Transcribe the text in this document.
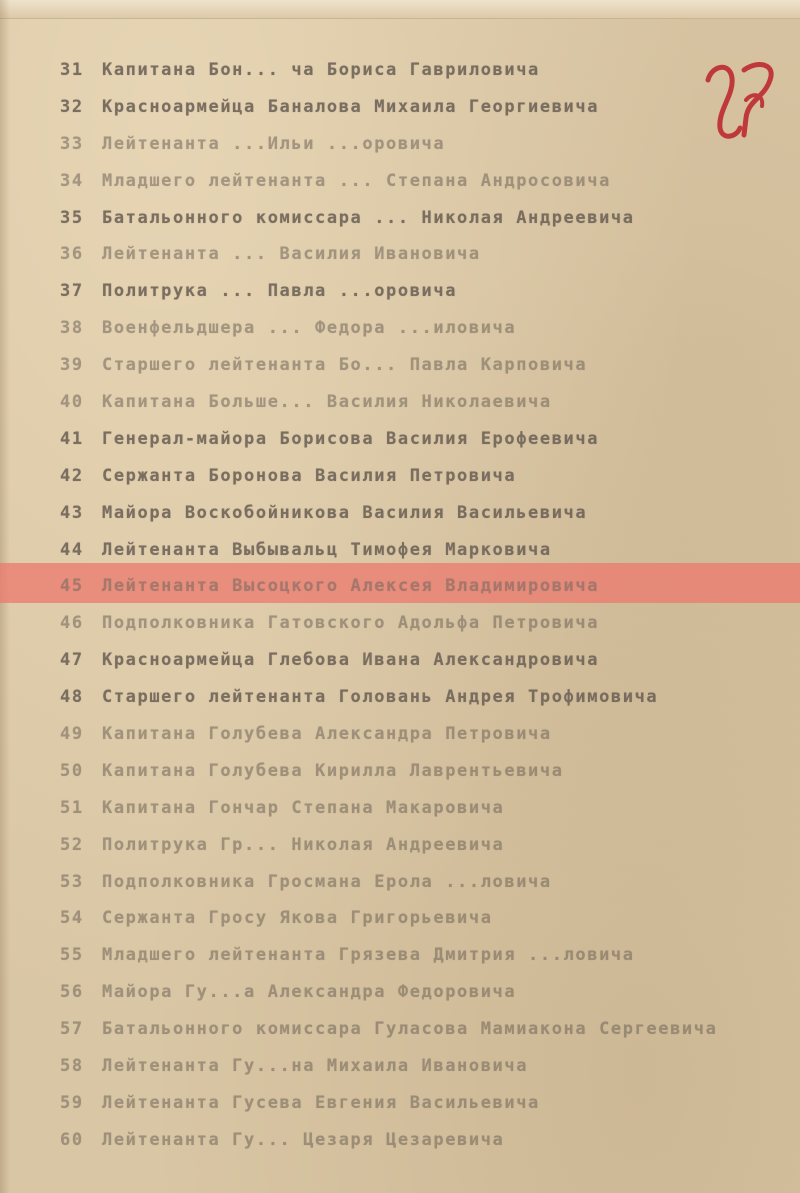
31 Капитана Бон... ча Бориса Гавриловича
32 Красноармейца Баналова Михаила Георгиевича
33 Лейтенанта ...Ильи ...оровича
34 Младшего лейтенанта ... Степана Андросовича
35 Батальонного комиссара ... Николая Андреевича
36 Лейтенанта ... Василия Ивановича
37 Политрука ... Павла ...оровича
38 Военфельдшера ... Федора ...иловича
39 Старшего лейтенанта Бо... Павла Карповича
40 Капитана Больше... Василия Николаевича
41 Генерал-майора Борисова Василия Ерофеевича
42 Сержанта Боронова Василия Петровича
43 Майора Воскобойникова Василия Васильевича
44 Лейтенанта Выбывальц Тимофея Марковича
45 Лейтенанта Высоцкого Алексея Владимировича
46 Подполковника Гатовского Адольфа Петровича
47 Красноармейца Глебова Ивана Александровича
48 Старшего лейтенанта Головань Андрея Трофимовича
49 Капитана Голубева Александра Петровича
50 Капитана Голубева Кирилла Лаврентьевича
51 Капитана Гончар Степана Макаровича
52 Политрука Гр... Николая Андреевича
53 Подполковника Гросмана Ерола ...ловича
54 Сержанта Гросу Якова Григорьевича
55 Младшего лейтенанта Грязева Дмитрия ...ловича
56 Майора Гу...а Александра Федоровича
57 Батальонного комиссара Гуласова Мамиакона Сергеевича
58 Лейтенанта Гу...на Михаила Ивановича
59 Лейтенанта Гусева Евгения Васильевича
60 Лейтенанта Гу... Цезаря Цезаревича
